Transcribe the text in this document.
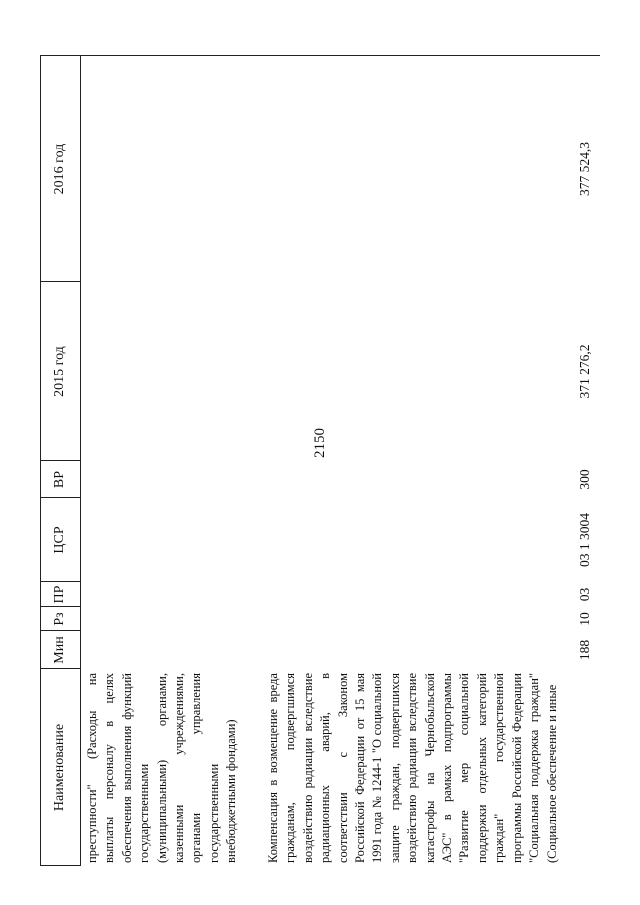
2150
Наименование
Мин
Рз
ПР
ЦСР
ВР
2015 год
2016 год
преступности" (Расходы на выплаты персоналу в целях обеспечения выполнения функций государственными (муниципальными) органами, казенными учреждениями, органами управления государственными внебюджетными фондами) Компенсация в возмещение вреда гражданам, подвергшимся воздействию радиации вследствие радиационных аварий, в соответствии с Законом Российской Федерации от 15 мая 1991 года № 1244-1 "О социальной защите граждан, подвергшихся воздействию радиации вследствие катастрофы на Чернобыльской АЭС" в рамках подпрограммы "Развитие мер социальной поддержки отдельных категорий граждан" государственной программы Российской Федерации "Социальная поддержка граждан" (Социальное обеспечение и иные
188
10
03
03 1 3004
300
371 276,2
377 524,3
